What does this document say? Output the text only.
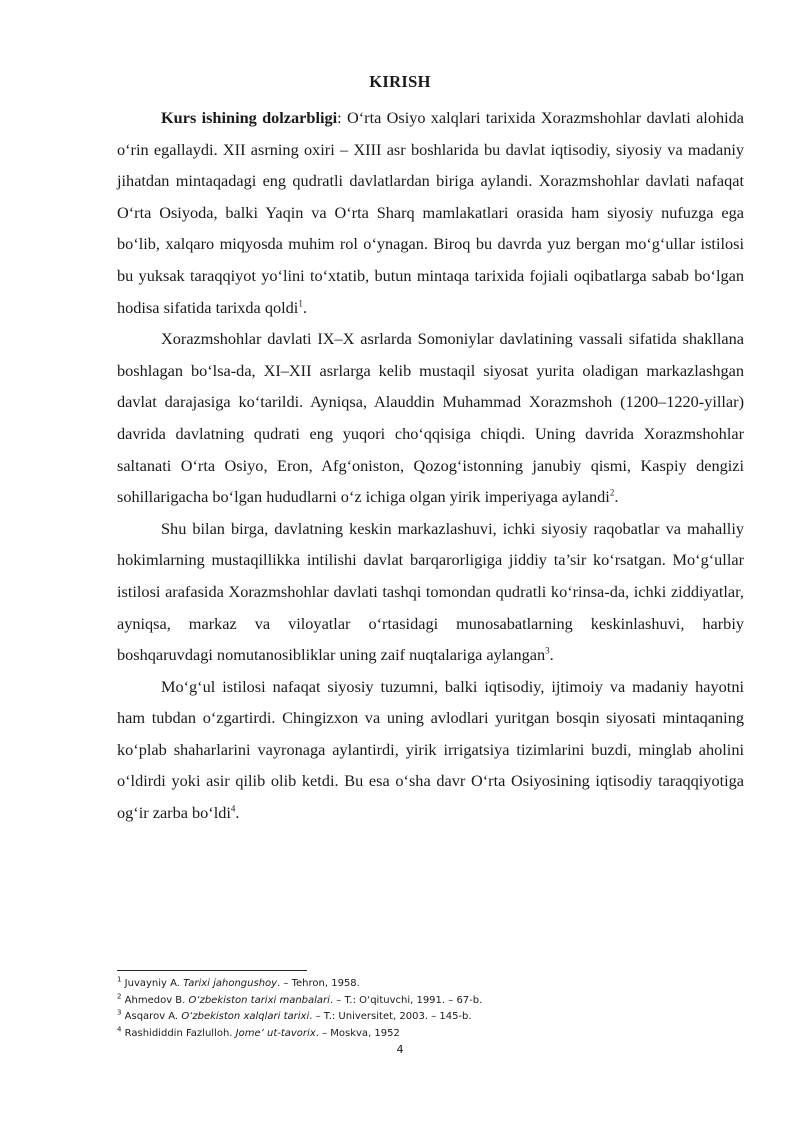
KIRISH

Kurs ishining dolzarbligi: O‘rta Osiyo xalqlari tarixida Xorazmshohlar davlati alohida o‘rin egallaydi. XII asrning oxiri – XIII asr boshlarida bu davlat iqtisodiy, siyosiy va madaniy jihatdan mintaqadagi eng qudratli davlatlardan biriga aylandi. Xorazmshohlar davlati nafaqat O‘rta Osiyoda, balki Yaqin va O‘rta Sharq mamlakatlari orasida ham siyosiy nufuzga ega bo‘lib, xalqaro miqyosda muhim rol o‘ynagan. Biroq bu davrda yuz bergan mo‘g‘ullar istilosi bu yuksak taraqqiyot yo‘lini to‘xtatib, butun mintaqa tarixida fojiali oqibatlarga sabab bo‘lgan hodisa sifatida tarixda qoldi$^1$.

Xorazmshohlar davlati IX–X asrlarda Somoniylar davlatining vassali sifatida shakllana boshlagan bo‘lsa-da, XI–XII asrlarga kelib mustaqil siyosat yurita oladigan markazlashgan davlat darajasiga ko‘tarildi. Ayniqsa, Alauddin Muhammad Xorazmshoh (1200–1220-yillar) davrida davlatning qudrati eng yuqori cho‘qqisiga chiqdi. Uning davrida Xorazmshohlar saltanati O‘rta Osiyo, Eron, Afg‘oniston, Qozog‘istonning janubiy qismi, Kaspiy dengizi sohillarigacha bo‘lgan hududlarni o‘z ichiga olgan yirik imperiyaga aylandi$^2$.

Shu bilan birga, davlatning keskin markazlashuvi, ichki siyosiy raqobatlar va mahalliy hokimlarning mustaqillikka intilishi davlat barqarorligiga jiddiy ta’sir ko‘rsatgan. Mo‘g‘ullar istilosi arafasida Xorazmshohlar davlati tashqi tomondan qudratli ko‘rinsa-da, ichki ziddiyatlar, ayniqsa, markaz va viloyatlar o‘rtasidagi munosabatlarning keskinlashuvi, harbiy boshqaruvdagi nomutanosibliklar uning zaif nuqtalariga aylangan$^3$.

Mo‘g‘ul istilosi nafaqat siyosiy tuzumni, balki iqtisodiy, ijtimoiy va madaniy hayotni ham tubdan o‘zgartirdi. Chingizxon va uning avlodlari yuritgan bosqin siyosati mintaqaning ko‘plab shaharlarini vayronaga aylantirdi, yirik irrigatsiya tizimlarini buzdi, minglab aholini o‘ldirdi yoki asir qilib olib ketdi. Bu esa o‘sha davr O‘rta Osiyosining iqtisodiy taraqqiyotiga og‘ir zarba bo‘ldi$^4$.

$^1$ Juvayniy A. Tarixi jahongushoy. – Tehron, 1958.
$^2$ Ahmedov B. O‘zbekiston tarixi manbalari. – T.: O‘qituvchi, 1991. – 67-b.
$^3$ Asqarov A. O‘zbekiston xalqlari tarixi. – T.: Universitet, 2003. – 145-b.
$^4$ Rashididdin Fazlulloh. Jome’ ut-tavorix. – Moskva, 1952
4
